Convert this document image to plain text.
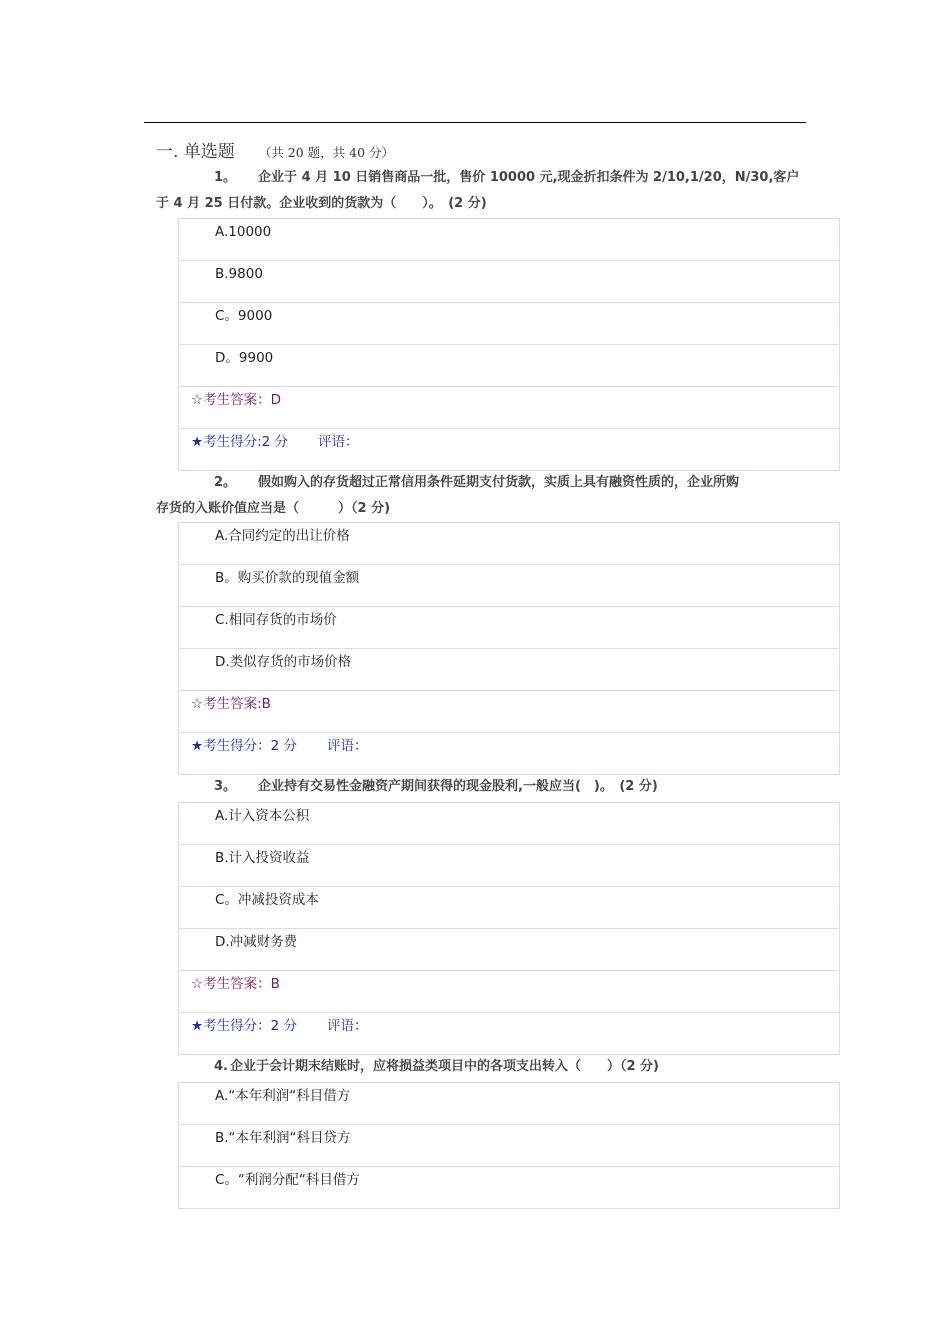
一. 单选题 （共 20 题，共 40 分）
1。 企业于 4 月 10 日销售商品一批，售价 10000 元,现金折扣条件为 2/10,1/20，N/30,客户
于 4 月 25 日付款。企业收到的货款为（　　）。　(2 分)
A.10000
B.9800
C。9000
D。9900
☆考生答案：D
★考生得分:2 分 评语：
2。 假如购入的存货超过正常信用条件延期支付货款，实质上具有融资性质的，企业所购
存货的入账价值应当是（　　　）（2 分)
A.合同约定的出让价格
B。购买价款的现值金额
C.相同存货的市场价
D.类似存货的市场价格
☆考生答案:B
★考生得分：2 分 评语：
3。 企业持有交易性金融资产期间获得的现金股利,一般应当(　)。　(2 分)
A.计入资本公积
B.计入投资收益
C。冲减投资成本
D.冲减财务费
☆考生答案：B
★考生得分：2 分 评语：
4. 企业于会计期末结账时，应将损益类项目中的各项支出转入（　　）（2 分)
A.“本年利润“科目借方
B.“本年利润“科目贷方
C。“利润分配“科目借方
